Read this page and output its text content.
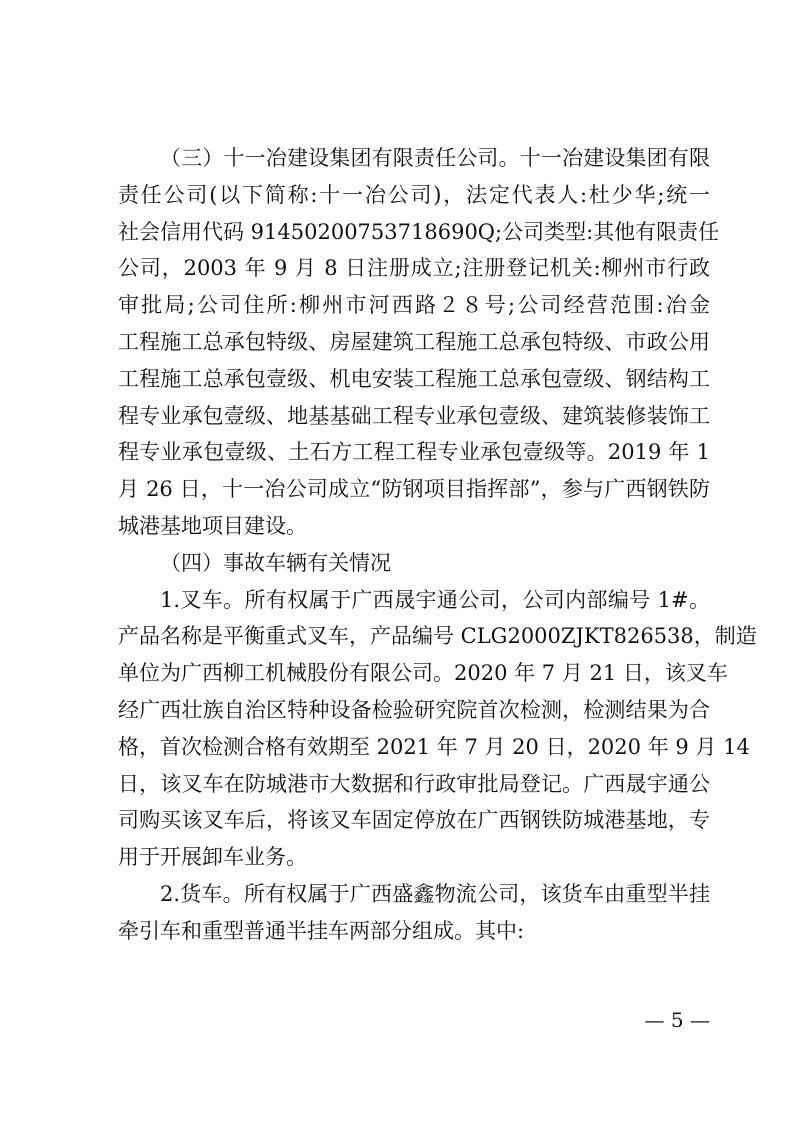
（三）十一冶建设集团有限责任公司。十一冶建设集团有限
责任公司(以下简称:十一冶公司)，法定代表人:杜少华;统一
社会信用代码 91450200753718690Q;公司类型:其他有限责任
公司，2003 年 9 月 8 日注册成立;注册登记机关:柳州市行政
审批局;公司住所:柳州市河西路２８号;公司经营范围:冶金
工程施工总承包特级、房屋建筑工程施工总承包特级、市政公用
工程施工总承包壹级、机电安装工程施工总承包壹级、钢结构工
程专业承包壹级、地基基础工程专业承包壹级、建筑装修装饰工
程专业承包壹级、土石方工程工程专业承包壹级等。2019 年 1
月 26 日，十一冶公司成立“防钢项目指挥部”，参与广西钢铁防
城港基地项目建设。
（四）事故车辆有关情况
1.叉车。所有权属于广西晟宇通公司，公司内部编号 1#。
产品名称是平衡重式叉车，产品编号 CLG2000ZJKT826538，制造
单位为广西柳工机械股份有限公司。2020 年 7 月 21 日，该叉车
经广西壮族自治区特种设备检验研究院首次检测，检测结果为合
格，首次检测合格有效期至 2021 年 7 月 20 日，2020 年 9 月 14
日，该叉车在防城港市大数据和行政审批局登记。广西晟宇通公
司购买该叉车后，将该叉车固定停放在广西钢铁防城港基地，专
用于开展卸车业务。
2.货车。所有权属于广西盛鑫物流公司，该货车由重型半挂
牵引车和重型普通半挂车两部分组成。其中:
— 5 —
